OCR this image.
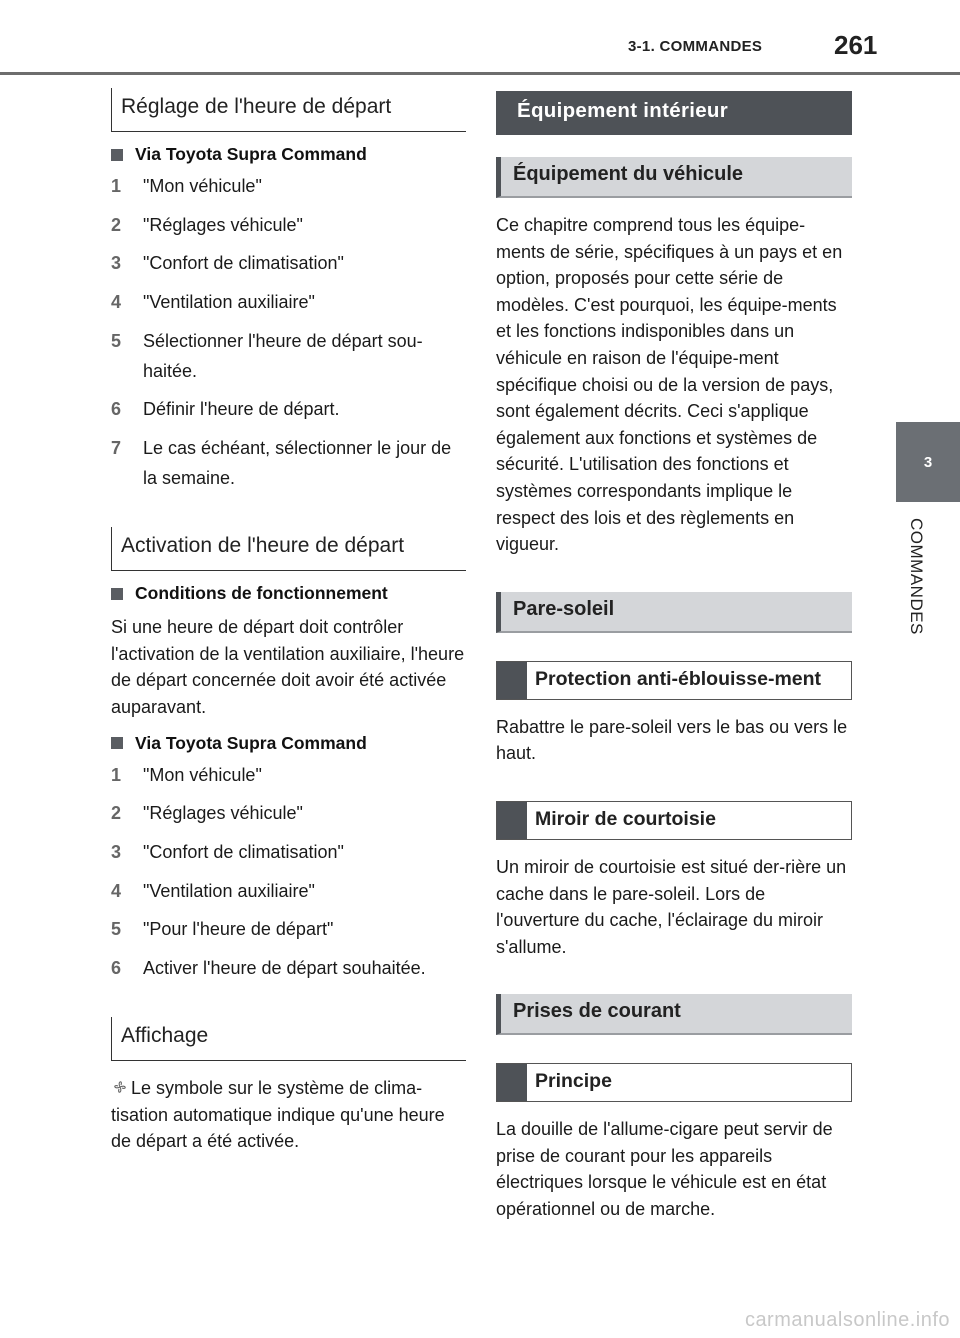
3-1. COMMANDES	261
3
COMMANDES
Réglage de l'heure de départ
Via Toyota Supra Command
1	"Mon véhicule"
2	"Réglages véhicule"
3	"Confort de climatisation"
4	"Ventilation auxiliaire"
5	Sélectionner l'heure de départ sou-haitée.
6	Définir l'heure de départ.
7	Le cas échéant, sélectionner le jour de la semaine.
Activation de l'heure de départ
Conditions de fonctionnement
Si une heure de départ doit contrôler l'activation de la ventilation auxiliaire, l'heure de départ concernée doit avoir été activée auparavant.
Via Toyota Supra Command
1	"Mon véhicule"
2	"Réglages véhicule"
3	"Confort de climatisation"
4	"Ventilation auxiliaire"
5	"Pour l'heure de départ"
6	Activer l'heure de départ souhaitée.
Affichage
Le symbole sur le système de clima-tisation automatique indique qu'une heure de départ a été activée.
Équipement intérieur
Équipement du véhicule
Ce chapitre comprend tous les équipe-ments de série, spécifiques à un pays et en option, proposés pour cette série de modèles. C'est pourquoi, les équipe-ments et les fonctions indisponibles dans un véhicule en raison de l'équipe-ment spécifique choisi ou de la version de pays, sont également décrits. Ceci s'applique également aux fonctions et systèmes de sécurité. L'utilisation des fonctions et systèmes correspondants implique le respect des lois et des règlements en vigueur.
Pare-soleil
Protection anti-éblouisse-ment
Rabattre le pare-soleil vers le bas ou vers le haut.
Miroir de courtoisie
Un miroir de courtoisie est situé der-rière un cache dans le pare-soleil. Lors de l'ouverture du cache, l'éclairage du miroir s'allume.
Prises de courant
Principe
La douille de l'allume-cigare peut servir de prise de courant pour les appareils électriques lorsque le véhicule est en état opérationnel ou de marche.
carmanualsonline.info
